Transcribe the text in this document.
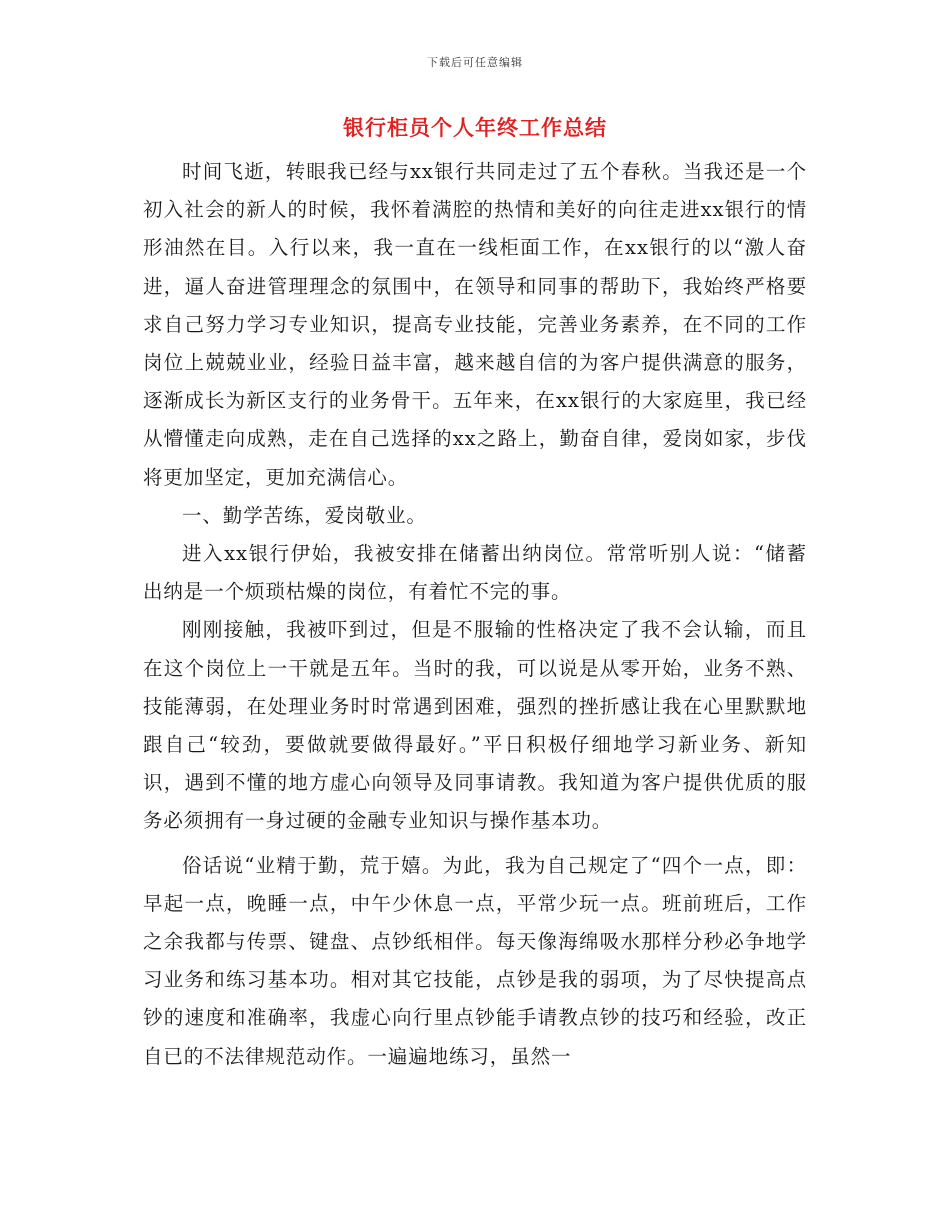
下载后可任意编辑
银行柜员个人年终工作总结

时间飞逝，转眼我已经与xx银行共同走过了五个春秋。当我还是一个初入社会的新人的时候，我怀着满腔的热情和美好的向往走进xx银行的情形油然在目。入行以来，我一直在一线柜面工作，在xx银行的以“激人奋进，逼人奋进管理理念的氛围中，在领导和同事的帮助下，我始终严格要求自己努力学习专业知识，提高专业技能，完善业务素养，在不同的工作岗位上兢兢业业，经验日益丰富，越来越自信的为客户提供满意的服务，逐渐成长为新区支行的业务骨干。五年来，在xx银行的大家庭里，我已经从懵懂走向成熟，走在自己选择的xx之路上，勤奋自律，爱岗如家，步伐将更加坚定，更加充满信心。

一、勤学苦练，爱岗敬业。

进入xx银行伊始，我被安排在储蓄出纳岗位。常常听别人说：“储蓄出纳是一个烦琐枯燥的岗位，有着忙不完的事。

刚刚接触，我被吓到过，但是不服输的性格决定了我不会认输，而且在这个岗位上一干就是五年。当时的我，可以说是从零开始，业务不熟、技能薄弱，在处理业务时时常遇到困难，强烈的挫折感让我在心里默默地跟自己“较劲，要做就要做得最好。”平日积极仔细地学习新业务、新知识，遇到不懂的地方虚心向领导及同事请教。我知道为客户提供优质的服务必须拥有一身过硬的金融专业知识与操作基本功。

俗话说“业精于勤，荒于嬉。为此，我为自己规定了“四个一点，即：早起一点，晚睡一点，中午少休息一点，平常少玩一点。班前班后，工作之余我都与传票、键盘、点钞纸相伴。每天像海绵吸水那样分秒必争地学习业务和练习基本功。相对其它技能，点钞是我的弱项，为了尽快提高点钞的速度和准确率，我虚心向行里点钞能手请教点钞的技巧和经验，改正自已的不法律规范动作。一遍遍地练习，虽然一
